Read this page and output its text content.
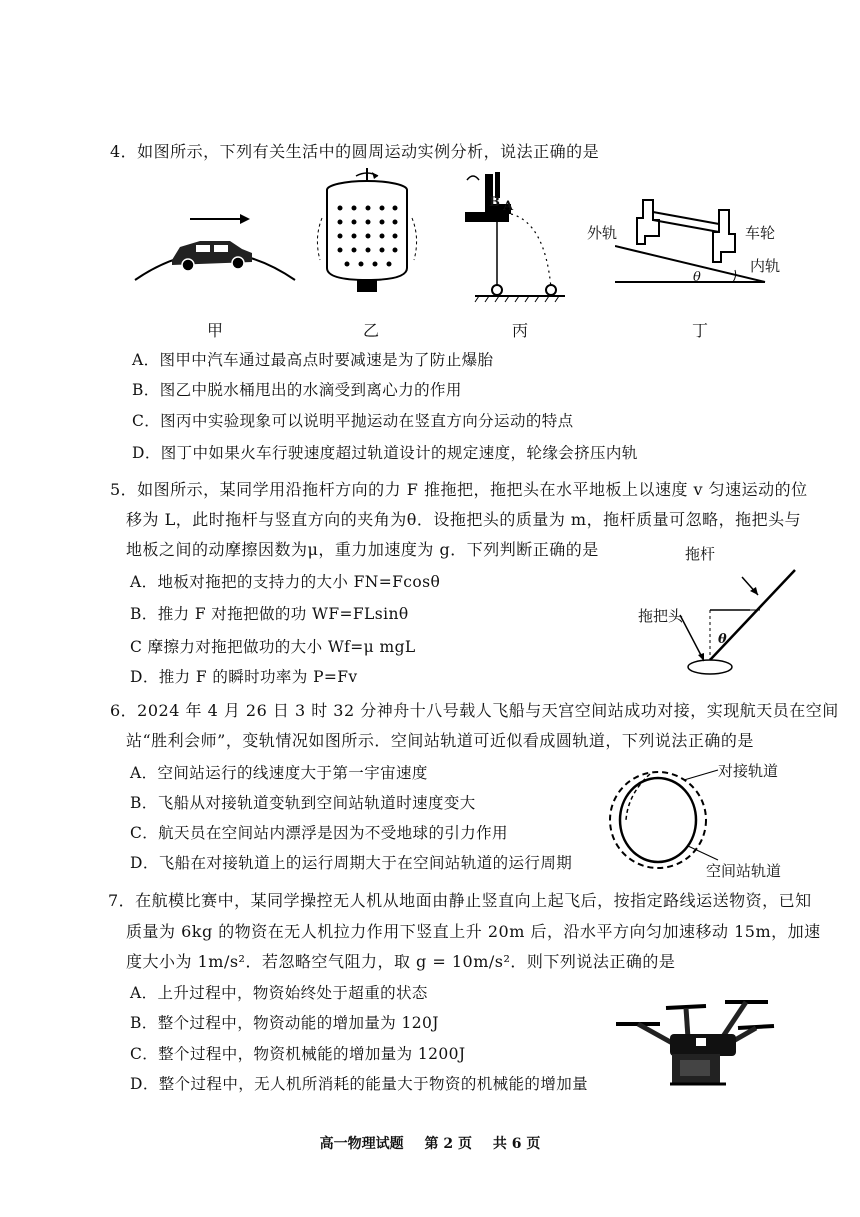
4．如图所示，下列有关生活中的圆周运动实例分析，说法正确的是
B A
外轨	车轮
内轨
θ
甲	乙	丙	丁
A．图甲中汽车通过最高点时要减速是为了防止爆胎
B．图乙中脱水桶甩出的水滴受到离心力的作用
C．图丙中实验现象可以说明平抛运动在竖直方向分运动的特点
D．图丁中如果火车行驶速度超过轨道设计的规定速度，轮缘会挤压内轨
5．如图所示，某同学用沿拖杆方向的力 F 推拖把，拖把头在水平地板上以速度 v 匀速运动的位
移为 L，此时拖杆与竖直方向的夹角为θ．设拖把头的质量为 m，拖杆质量可忽略，拖把头与
地板之间的动摩擦因数为μ，重力加速度为 g．下列判断正确的是	拖杆
拖把头
θ
A．地板对拖把的支持力的大小 FN=Fcosθ
B．推力 F 对拖把做的功 WF=FLsinθ
C 摩擦力对拖把做功的大小 Wf=μ mgL
D．推力 F 的瞬时功率为 P=Fv
6．2024 年 4 月 26 日 3 时 32 分神舟十八号载人飞船与天宫空间站成功对接，实现航天员在空间
站“胜利会师”，变轨情况如图所示．空间站轨道可近似看成圆轨道，下列说法正确的是
对接轨道
空间站轨道
A．空间站运行的线速度大于第一宇宙速度
B．飞船从对接轨道变轨到空间站轨道时速度变大
C．航天员在空间站内漂浮是因为不受地球的引力作用
D．飞船在对接轨道上的运行周期大于在空间站轨道的运行周期
7．在航模比赛中，某同学操控无人机从地面由静止竖直向上起飞后，按指定路线运送物资，已知
质量为 6kg 的物资在无人机拉力作用下竖直上升 20m 后，沿水平方向匀加速移动 15m，加速
度大小为 1m/s²．若忽略空气阻力，取 g = 10m/s²．则下列说法正确的是
A．上升过程中，物资始终处于超重的状态
B．整个过程中，物资动能的增加量为 120J
C．整个过程中，物资机械能的增加量为 1200J
D．整个过程中，无人机所消耗的能量大于物资的机械能的增加量
高一物理试题 第 2 页 共 6 页
